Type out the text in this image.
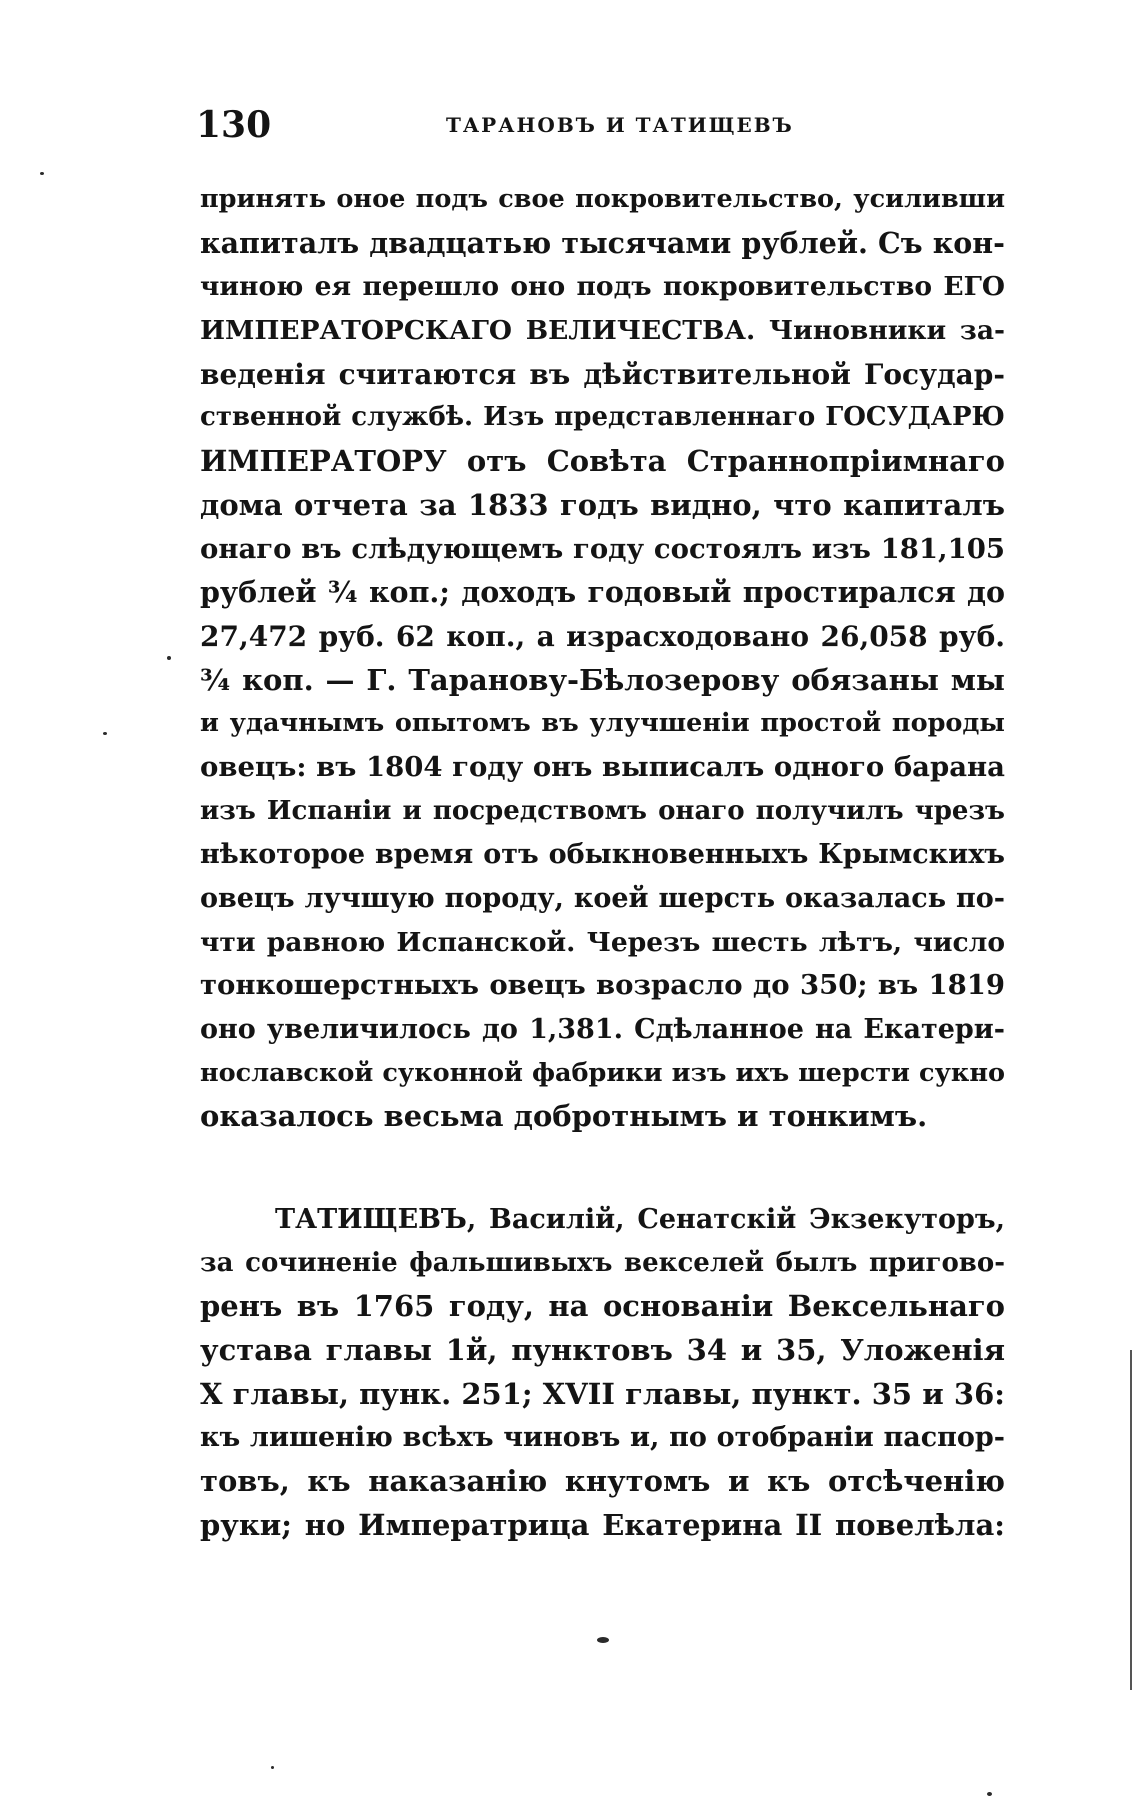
130	ТАРАНОВЪ И ТАТИЩЕВЪ
принять оное подъ свое покровительство, усиливши
капиталъ двадцатью тысячами рублей. Съ кон-
чиною ея перешло оно подъ покровительство ЕГО
ИМПЕРАТОРСКАГО ВЕЛИЧЕСТВА. Чиновники за-
веденія считаются въ дѣйствительной Государ-
ственной службѣ. Изъ представленнаго ГОСУДАРЮ
ИМПЕРАТОРУ отъ Совѣта Страннопріимнаго
дома отчета за 1833 годъ видно, что капиталъ
онаго въ слѣдующемъ году состоялъ изъ 181,105
рублей ¾ коп.; доходъ годовый простирался до
27,472 руб. 62 коп., а израсходовано 26,058 руб.
¾ коп. — Г. Таранову-Бѣлозерову обязаны мы
и удачнымъ опытомъ въ улучшеніи простой породы
овецъ: въ 1804 году онъ выписалъ одного барана
изъ Испаніи и посредствомъ онаго получилъ чрезъ
нѣкоторое время отъ обыкновенныхъ Крымскихъ
овецъ лучшую породу, коей шерсть оказалась по-
чти равною Испанской. Черезъ шесть лѣтъ, число
тонкошерстныхъ овецъ возрасло до 350; въ 1819
оно увеличилось до 1,381. Сдѣланное на Екатери-
нославской суконной фабрики изъ ихъ шерсти сукно
оказалось весьма добротнымъ и тонкимъ.
ТАТИЩЕВЪ, Василій, Сенатскій Экзекуторъ,
за сочиненіе фальшивыхъ векселей былъ пригово-
ренъ въ 1765 году, на основаніи Вексельнаго
устава главы 1й, пунктовъ 34 и 35, Уложенія
X главы, пунк. 251; XVII главы, пункт. 35 и 36:
къ лишенію всѣхъ чиновъ и, по отобраніи паспор-
товъ, къ наказанію кнутомъ и къ отсѣченію
руки; но Императрица Екатерина II повелѣла:
